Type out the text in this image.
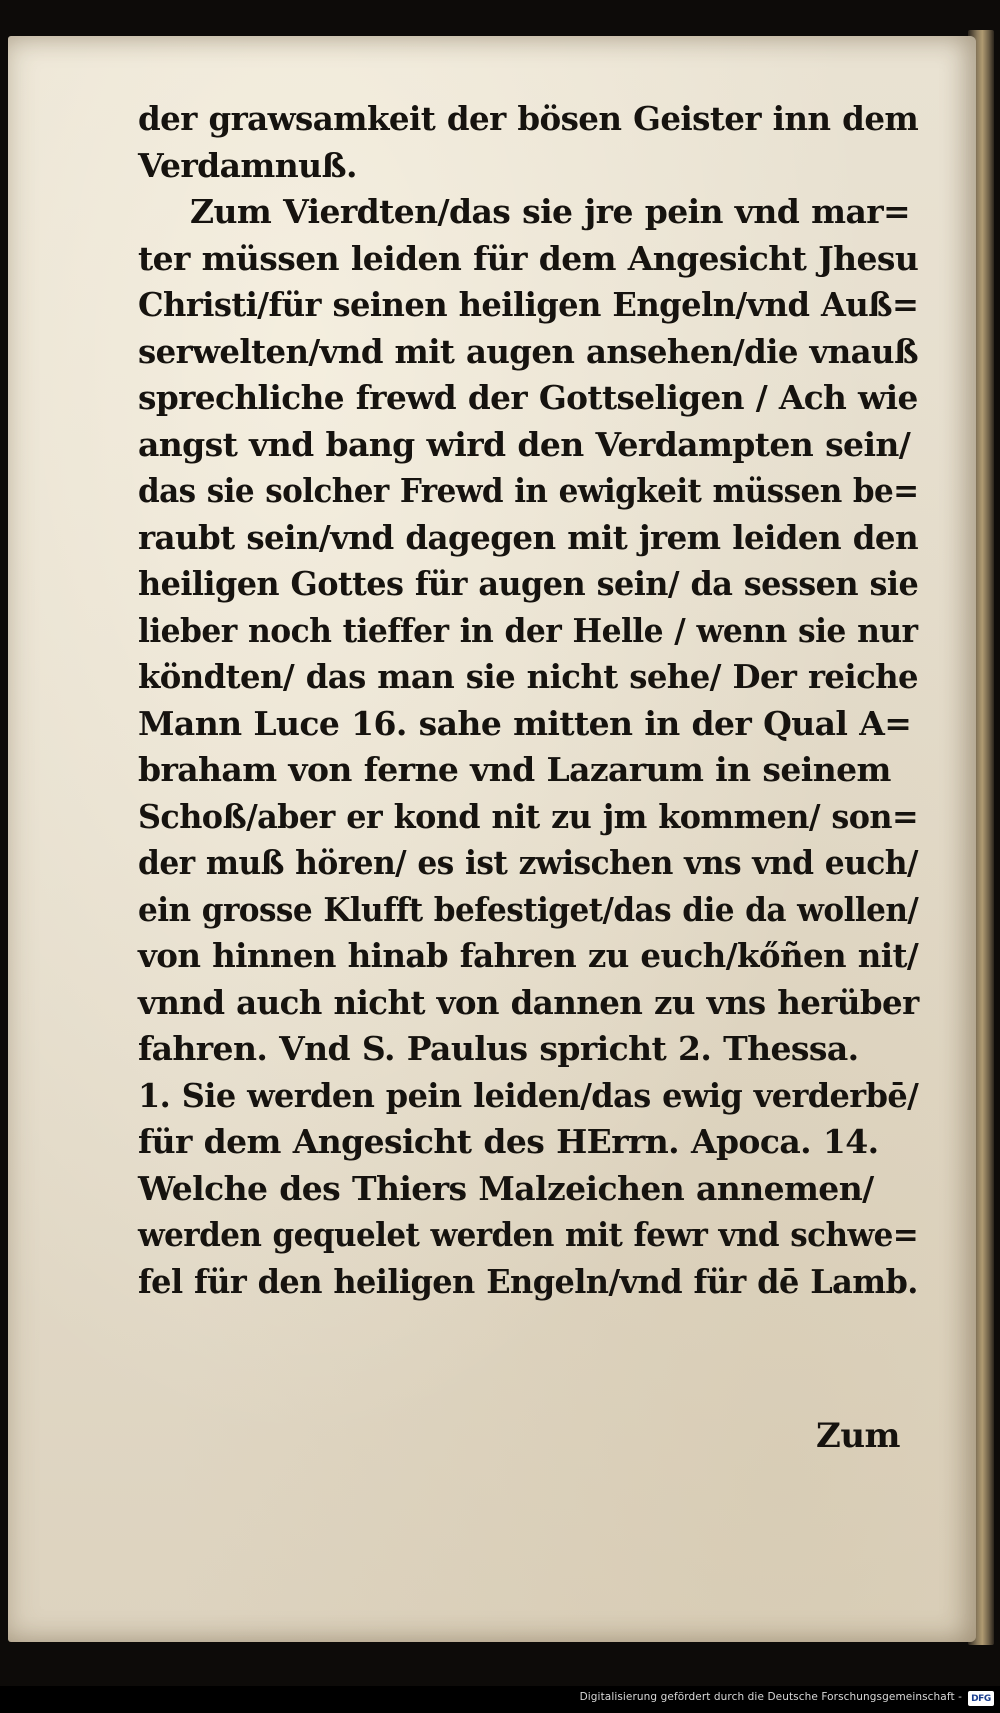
der grawsamkeit der bösen Geister inn dem
Verdamnuß.
Zum Vierdten/das sie jre pein vnd mar=
ter müssen leiden für dem Angesicht Jhesu
Christi/für seinen heiligen Engeln/vnd Auß=
serwelten/vnd mit augen ansehen/die vnauß
sprechliche frewd der Gottseligen / Ach wie
angst vnd bang wird den Verdampten sein/
das sie solcher Frewd in ewigkeit müssen be=
raubt sein/vnd dagegen mit jrem leiden den
heiligen Gottes für augen sein/ da sessen sie
lieber noch tieffer in der Helle / wenn sie nur
köndten/ das man sie nicht sehe/ Der reiche
Mann Luce 16. sahe mitten in der Qual A=
braham von ferne vnd Lazarum in seinem
Schoß/aber er kond nit zu jm kommen/ son=
der muß hören/ es ist zwischen vns vnd euch/
ein grosse Klufft befestiget/das die da wollen/
von hinnen hinab fahren zu euch/kőñen nit/
vnnd auch nicht von dannen zu vns herüber
fahren. Vnd S. Paulus spricht 2. Thessa.
1. Sie werden pein leiden/das ewig verderbē/
für dem Angesicht des HErrn. Apoca. 14.
Welche des Thiers Malzeichen annemen/
werden gequelet werden mit fewr vnd schwe=
fel für den heiligen Engeln/vnd für dē Lamb.
Zum
Digitalisierung gefördert durch die Deutsche Forschungsgemeinschaft - DFG
